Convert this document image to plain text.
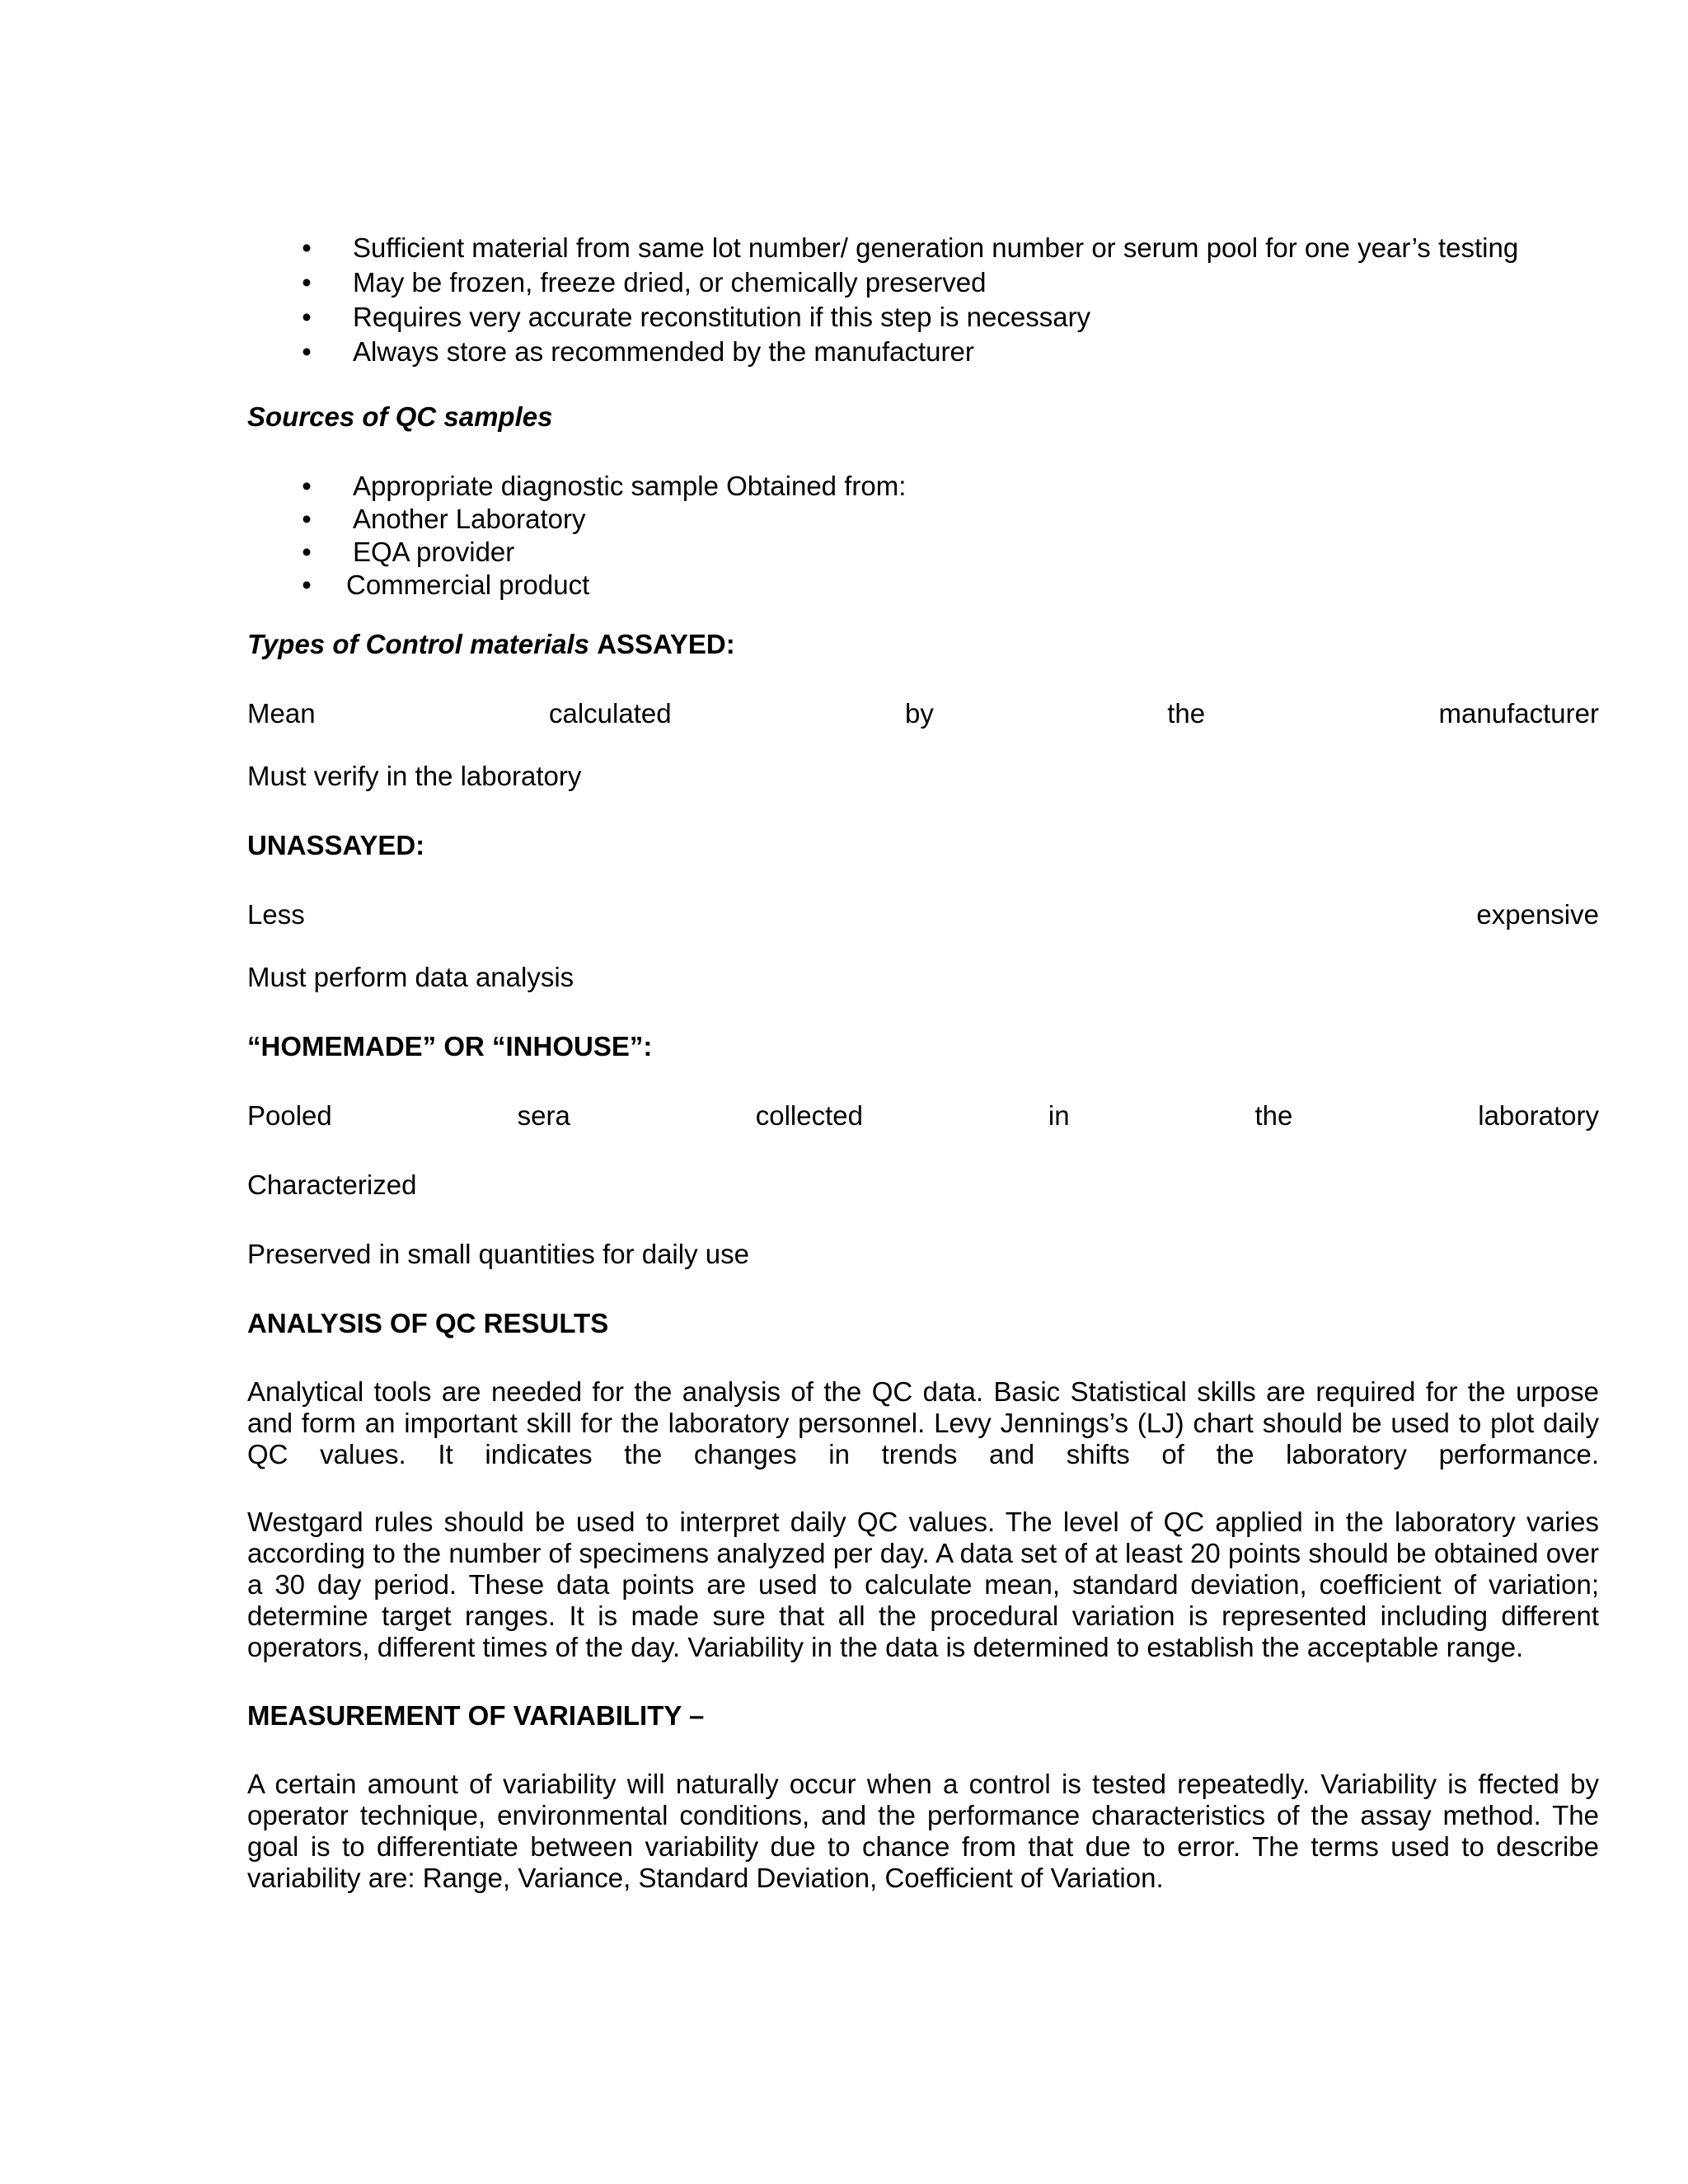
• Sufficient material from same lot number/ generation number or serum pool for one year’s testing
• May be frozen, freeze dried, or chemically preserved
• Requires very accurate reconstitution if this step is necessary
• Always store as recommended by the manufacturer
Sources of QC samples
• Appropriate diagnostic sample Obtained from:
• Another Laboratory
• EQA provider
• Commercial product
Types of Control materials ASSAYED:
Mean	calculated	by	the	manufacturer
Must verify in the laboratory
UNASSAYED:
Less	expensive
Must perform data analysis
“HOMEMADE” OR “INHOUSE”:
Pooled	sera	collected	in	the	laboratory
Characterized
Preserved in small quantities for daily use
ANALYSIS OF QC RESULTS

Analytical tools are needed for the analysis of the QC data. Basic Statistical skills are required for the urpose and form an important skill for the laboratory personnel. Levy Jennings’s (LJ) chart should be used to plot daily QC values. It indicates the changes in trends and shifts of the laboratory performance.

Westgard rules should be used to interpret daily QC values. The level of QC applied in the laboratory varies according to the number of specimens analyzed per day. A data set of at least 20 points should be obtained over a 30 day period. These data points are used to calculate mean, standard deviation, coefficient of variation; determine target ranges. It is made sure that all the procedural variation is represented including different operators, different times of the day. Variability in the data is determined to establish the acceptable range.

MEASUREMENT OF VARIABILITY –

A certain amount of variability will naturally occur when a control is tested repeatedly. Variability is ffected by operator technique, environmental conditions, and the performance characteristics of the assay method. The goal is to differentiate between variability due to chance from that due to error. The terms used to describe variability are: Range, Variance, Standard Deviation, Coefficient of Variation.
